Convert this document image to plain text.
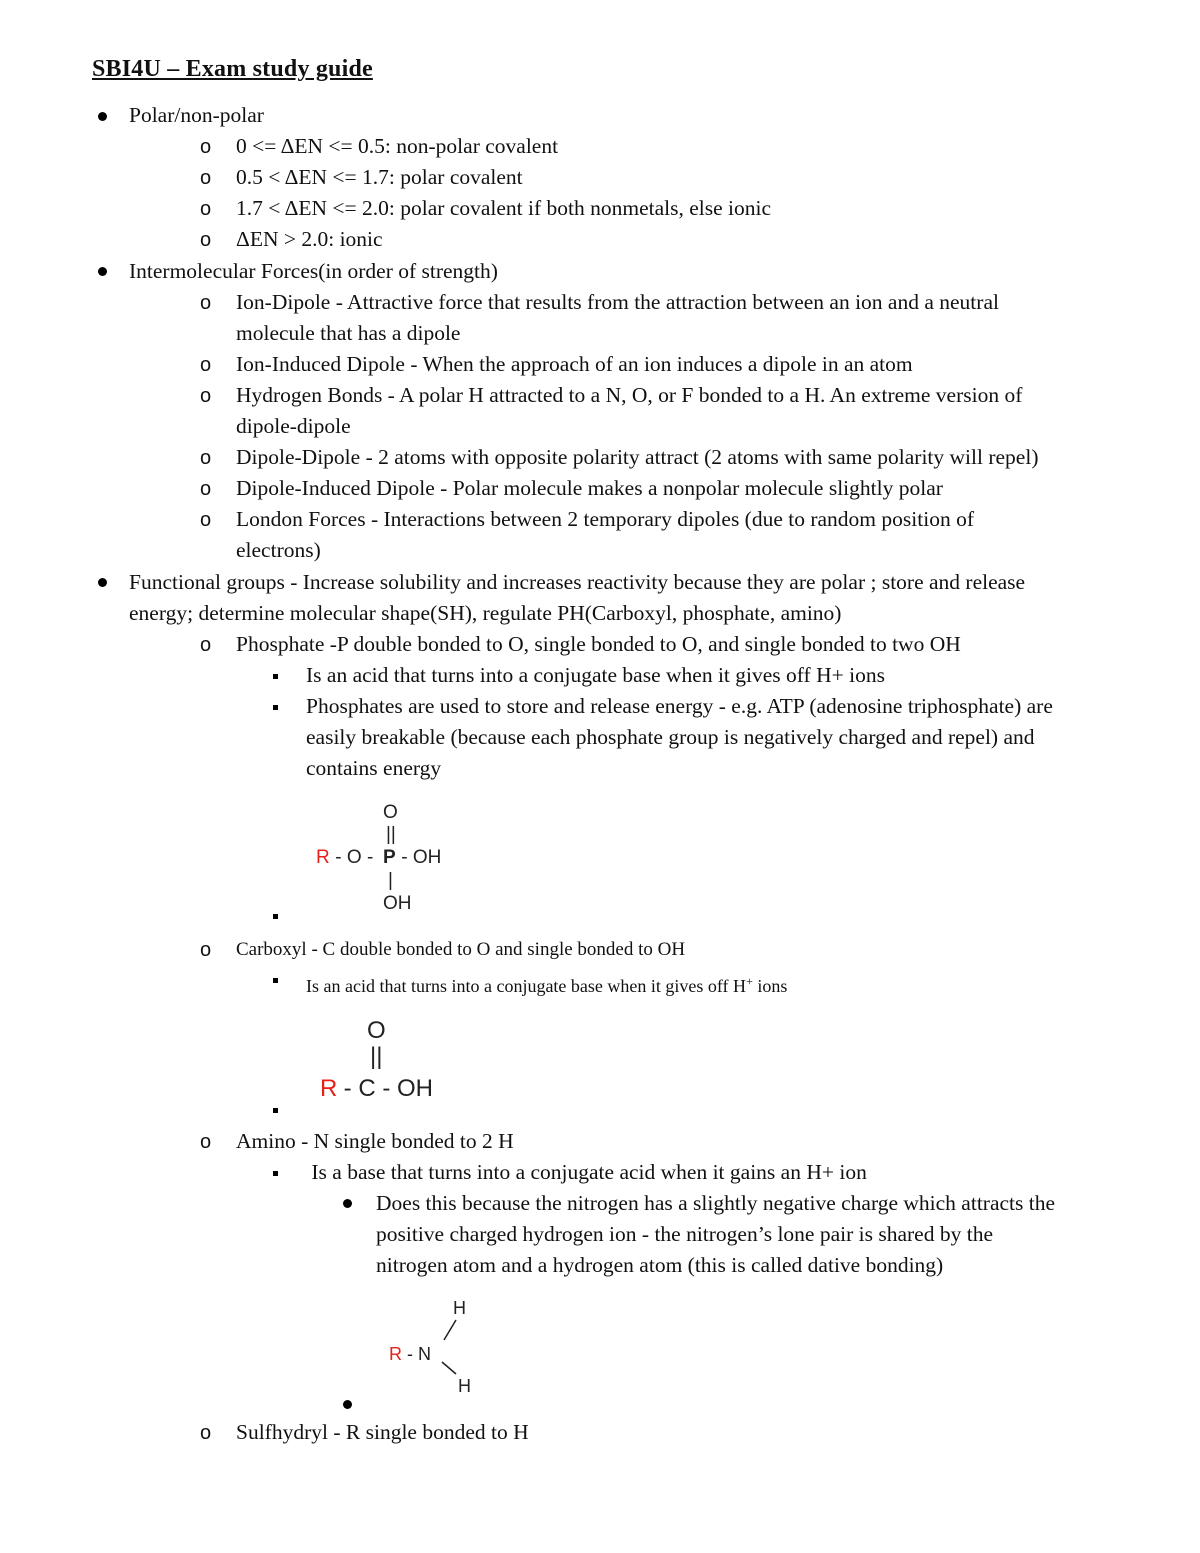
SBI4U – Exam study guide
Polar/non-polar
o 0 <= ΔEN <= 0.5: non-polar covalent
o 0.5 < ΔEN <= 1.7: polar covalent
o 1.7 < ΔEN <= 2.0: polar covalent if both nonmetals, else ionic
o ΔEN > 2.0: ionic
Intermolecular Forces(in order of strength)
o Ion-Dipole - Attractive force that results from the attraction between an ion and a neutral
molecule that has a dipole
o Ion-Induced Dipole - When the approach of an ion induces a dipole in an atom
o Hydrogen Bonds - A polar H attracted to a N, O, or F bonded to a H. An extreme version of
dipole-dipole
o Dipole-Dipole - 2 atoms with opposite polarity attract (2 atoms with same polarity will repel)
o Dipole-Induced Dipole - Polar molecule makes a nonpolar molecule slightly polar
o London Forces - Interactions between 2 temporary dipoles (due to random position of
electrons)
Functional groups - Increase solubility and increases reactivity because they are polar ; store and release
energy; determine molecular shape(SH), regulate PH(Carboxyl, phosphate, amino)
o Phosphate -P double bonded to O, single bonded to O, and single bonded to two OH
Is an acid that turns into a conjugate base when it gives off H+ ions
Phosphates are used to store and release energy - e.g. ATP (adenosine triphosphate) are
easily breakable (because each phosphate group is negatively charged and repel) and
contains energy
O
||
R - O - P - OH
|
OH
o Carboxyl - C double bonded to O and single bonded to OH
Is an acid that turns into a conjugate base when it gives off H+ ions
O
||
R - C - OH
o Amino - N single bonded to 2 H
Is a base that turns into a conjugate acid when it gains an H+ ion
Does this because the nitrogen has a slightly negative charge which attracts the
positive charged hydrogen ion - the nitrogen’s lone pair is shared by the
nitrogen atom and a hydrogen atom (this is called dative bonding)
H
R - N
H
o Sulfhydryl - R single bonded to H
